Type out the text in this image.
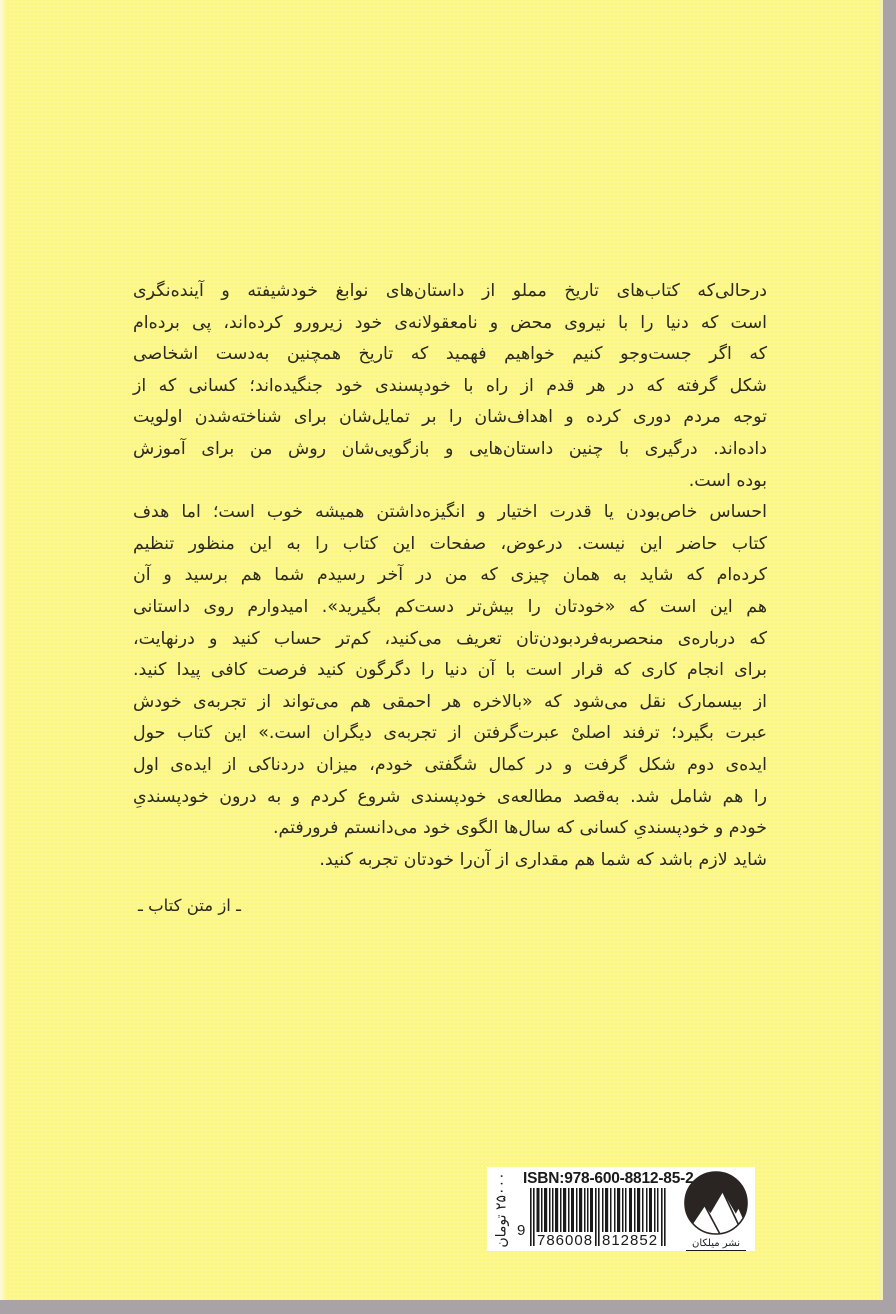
درحالی‌که کتاب‌های تاریخ مملو از داستان‌های نوابغ خودشیفته و آینده‌نگری
است که دنیا را با نیروی محض و نامعقولانه‌ی خود زیرورو کرده‌اند، پی برده‌ام
که اگر جست‌وجو کنیم خواهیم فهمید که تاریخ همچنین به‌دست اشخاصی
شکل گرفته که در هر قدم از راه با خودپسندی خود جنگیده‌اند؛ کسانی که از
توجه مردم دوری کرده و اهداف‌شان را بر تمایل‌شان برای شناخته‌شدن اولویت
داده‌اند. درگیری با چنین داستان‌هایی و بازگویی‌شان روش من برای آموزش
بوده است.
احساس خاص‌بودن یا قدرت اختیار و انگیزه‌داشتن همیشه خوب است؛ اما هدف
کتاب حاضر این نیست. درعوض، صفحات این کتاب را به این منظور تنظیم
کرده‌ام که شاید به همان چیزی که من در آخر رسیدم شما هم برسید و آن
هم این است که «خودتان را بیش‌تر دست‌کم بگیرید». امیدوارم روی داستانی
که درباره‌ی منحصربه‌فردبودن‌تان تعریف می‌کنید، کم‌تر حساب کنید و درنهایت،
برای انجام کاری که قرار است با آن دنیا را دگرگون کنید فرصت کافی پیدا کنید.
از بیسمارک نقل می‌شود که «بالاخره هر احمقی هم می‌تواند از تجربه‌ی خودش
عبرت بگیرد؛ ترفند اصلیْ عبرت‌گرفتن از تجربه‌ی دیگران است.» این کتاب حول
ایده‌ی دوم شکل گرفت و در کمال شگفتی خودم، میزان دردناکی از ایده‌ی اول
را هم شامل شد. به‌قصد مطالعه‌ی خودپسندی شروع کردم و به درون خودپسندیِ
خودم و خودپسندیِ کسانی که سال‌ها الگوی خود می‌دانستم فرورفتم.
شاید لازم باشد که شما هم مقداری از آن‌را خودتان تجربه کنید.
ـ از متن کتاب ـ
۲۵۰۰۰ تومان ISBN:978-600-8812-85-2
9
786008 812852	نشر میلکان
